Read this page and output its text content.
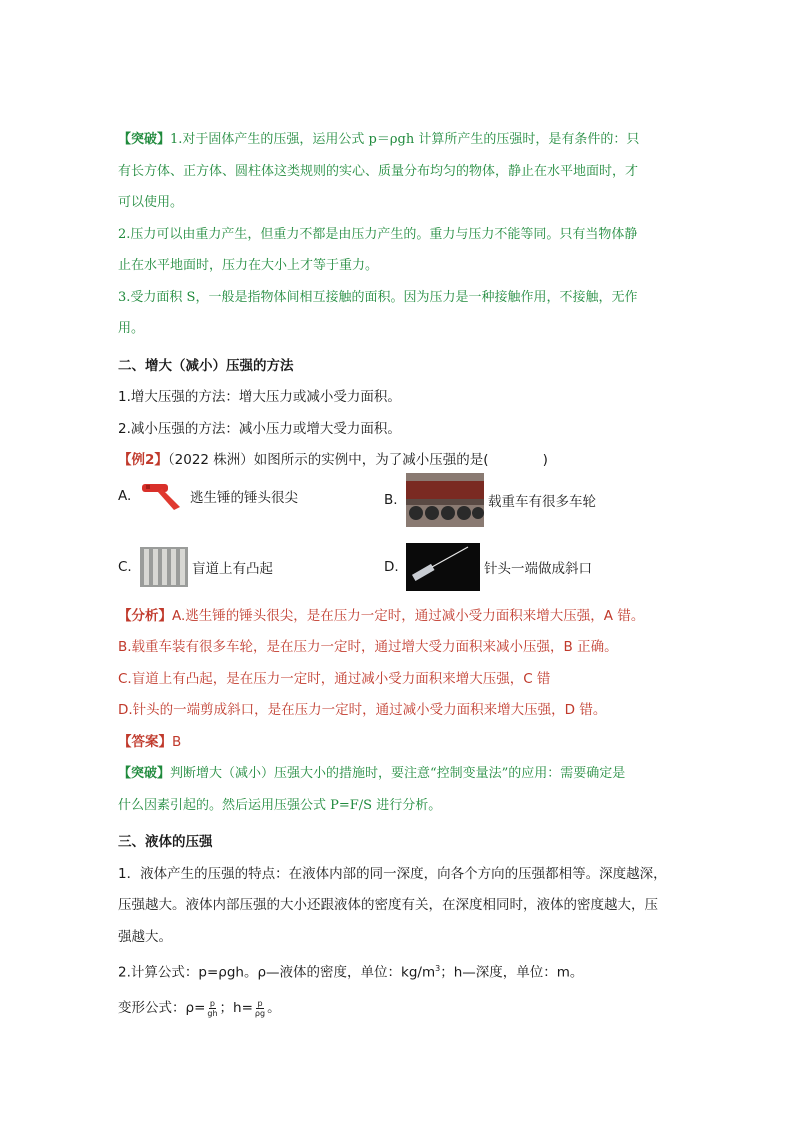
【突破】1.对于固体产生的压强，运用公式 p＝ρgh 计算所产生的压强时，是有条件的：只

有长方体、正方体、圆柱体这类规则的实心、质量分布均匀的物体，静止在水平地面时，才

可以使用。

2.压力可以由重力产生，但重力不都是由压力产生的。重力与压力不能等同。只有当物体静

止在水平地面时，压力在大小上才等于重力。

3.受力面积 S，一般是指物体间相互接触的面积。因为压力是一种接触作用，不接触，无作

用。

二、增大（减小）压强的方法

1.增大压强的方法：增大压力或减小受力面积。

2.减小压强的方法：减小压力或增大受力面积。

【例2】（2022 株洲）如图所示的实例中，为了减小压强的是(　　　　)

A.	逃生锤的锤头很尖	B.	载重车有很多车轮
C.	盲道上有凸起	D.	针头一端做成斜口

【分析】A.逃生锤的锤头很尖，是在压力一定时，通过减小受力面积来增大压强，A 错。

B.载重车装有很多车轮，是在压力一定时，通过增大受力面积来减小压强，B 正确。

C.盲道上有凸起，是在压力一定时，通过减小受力面积来增大压强，C 错

D.针头的一端剪成斜口，是在压力一定时，通过减小受力面积来增大压强，D 错。

【答案】B

【突破】判断增大（减小）压强大小的措施时，要注意“控制变量法”的应用：需要确定是

什么因素引起的。然后运用压强公式 P=F/S 进行分析。

三、液体的压强

1．液体产生的压强的特点：在液体内部的同一深度，向各个方向的压强都相等。深度越深，

压强越大。液体内部压强的大小还跟液体的密度有关，在深度相同时，液体的密度越大，压

强越大。

2.计算公式：p=ρgh。ρ—液体的密度，单位：$kg/m^3$；h—深度，单位：m。

变形公式：$\rho= \frac{p}{gh}$ ；$h= \frac{p}{\rho g}$ 。
